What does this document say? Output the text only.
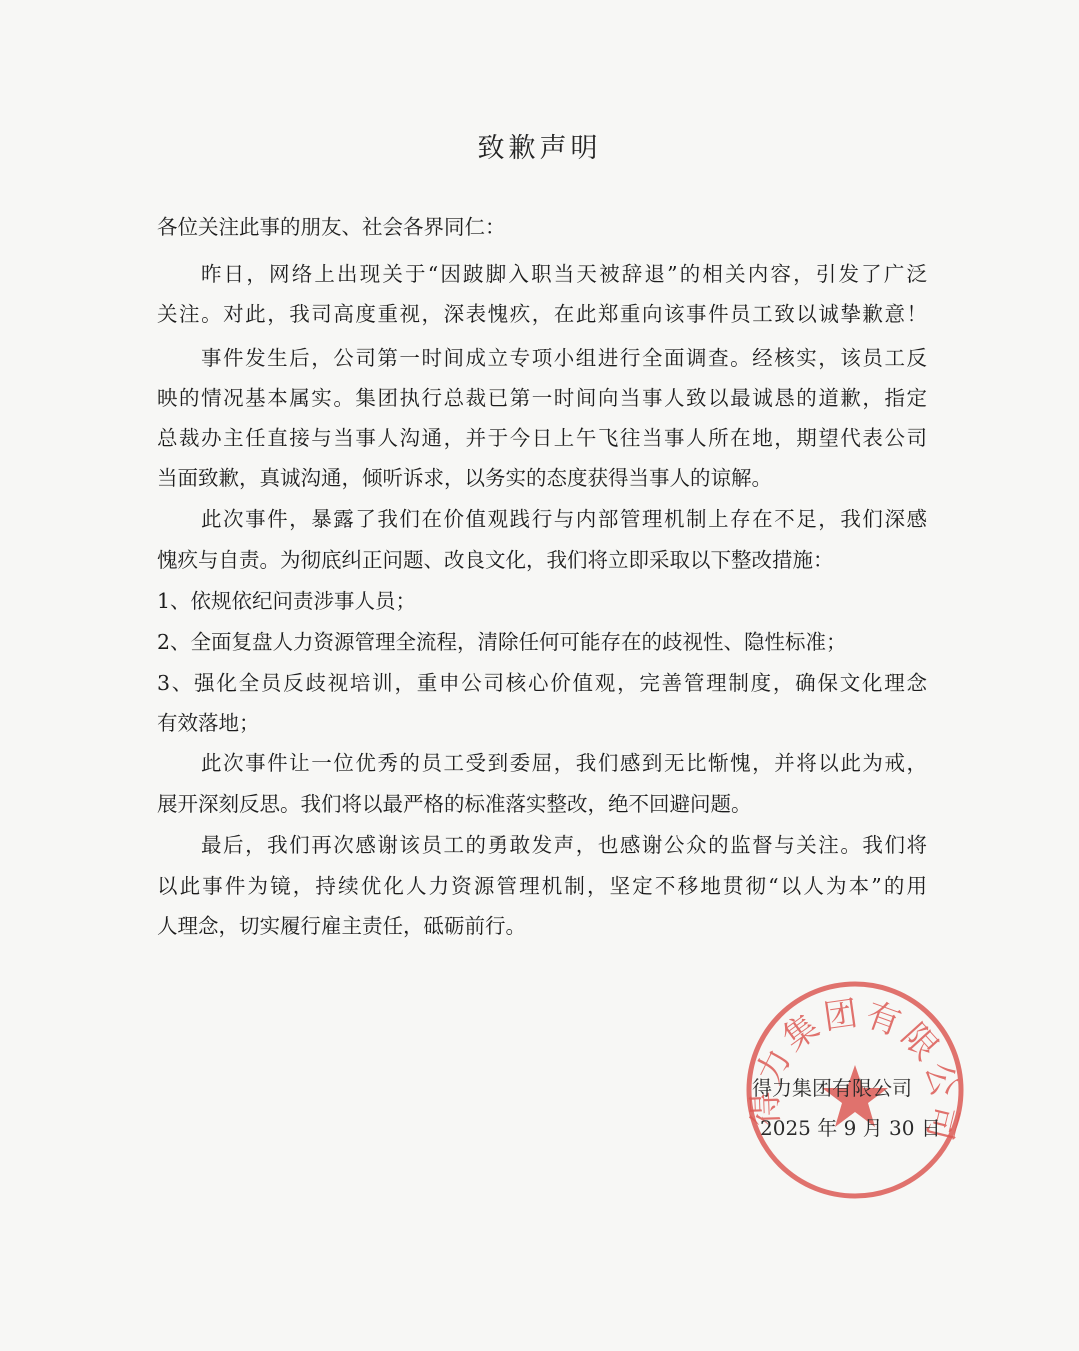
致歉声明
各位关注此事的朋友、社会各界同仁：
昨日，网络上出现关于“因跛脚入职当天被辞退”的相关内容，引发了广泛
关注。对此，我司高度重视，深表愧疚，在此郑重向该事件员工致以诚挚歉意！
事件发生后，公司第一时间成立专项小组进行全面调查。经核实，该员工反
映的情况基本属实。集团执行总裁已第一时间向当事人致以最诚恳的道歉，指定
总裁办主任直接与当事人沟通，并于今日上午飞往当事人所在地，期望代表公司
当面致歉，真诚沟通，倾听诉求，以务实的态度获得当事人的谅解。
此次事件，暴露了我们在价值观践行与内部管理机制上存在不足，我们深感
愧疚与自责。为彻底纠正问题、改良文化，我们将立即采取以下整改措施：
1、依规依纪问责涉事人员；
2、全面复盘人力资源管理全流程，清除任何可能存在的歧视性、隐性标准；
3、强化全员反歧视培训，重申公司核心价值观，完善管理制度，确保文化理念
有效落地；
此次事件让一位优秀的员工受到委屈，我们感到无比惭愧，并将以此为戒，
展开深刻反思。我们将以最严格的标准落实整改，绝不回避问题。
最后，我们再次感谢该员工的勇敢发声，也感谢公众的监督与关注。我们将
以此事件为镜，持续优化人力资源管理机制，坚定不移地贯彻“以人为本”的用
人理念，切实履行雇主责任，砥砺前行。
得力集团有限公司
得力集团有限公司
2025 年 9 月 30 日
